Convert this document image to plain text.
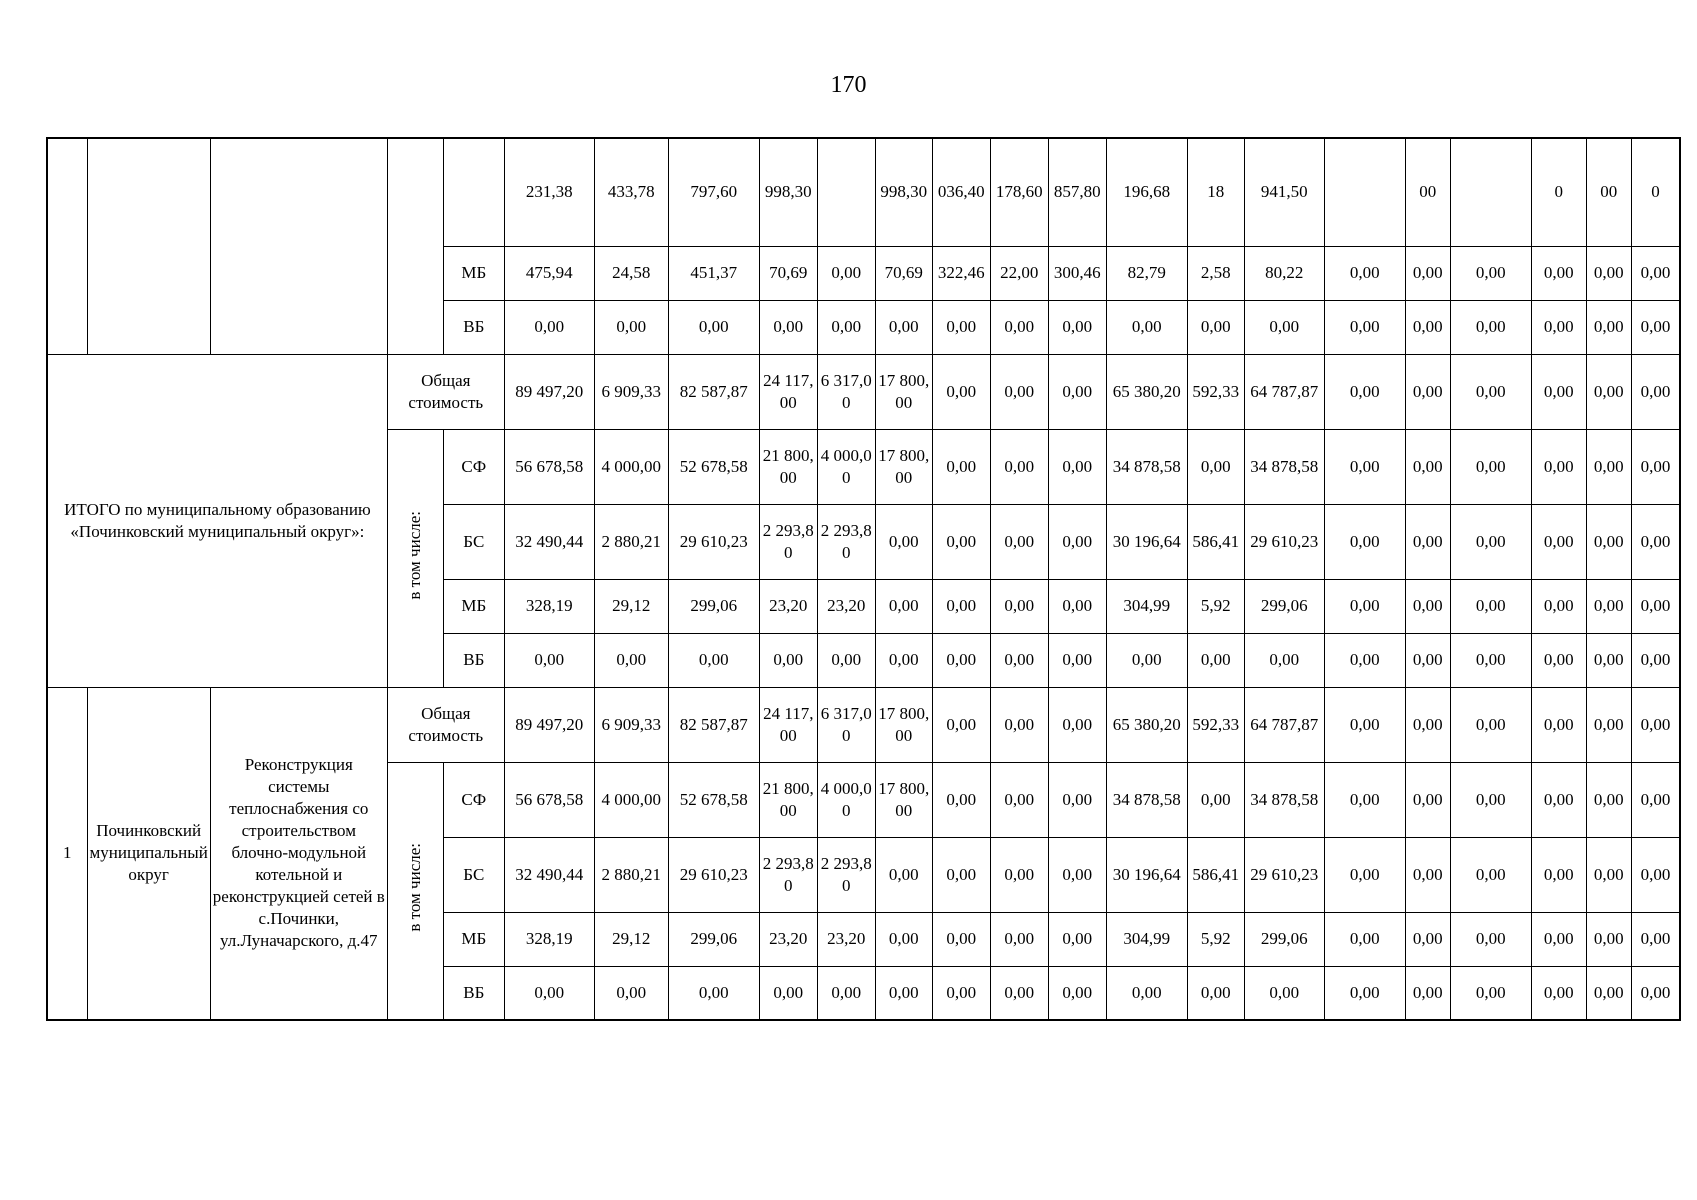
170
					231,38	433,78	797,60	998,30		998,30	036,40	178,60	857,80	196,68	18	941,50		00		0	00	0
				МБ	475,94	24,58	451,37	70,69	0,00	70,69	322,46	22,00	300,46	82,79	2,58	80,22	0,00	0,00	0,00	0,00	0,00	0,00
				ВБ	0,00	0,00	0,00	0,00	0,00	0,00	0,00	0,00	0,00	0,00	0,00	0,00	0,00	0,00	0,00	0,00	0,00	0,00
ИТОГО по муниципальному образованию «Починковский муниципальный округ»:			Общая стоимость		89 497,20	6 909,33	82 587,87	24 117,00	6 317,00	17 800,00	0,00	0,00	0,00	65 380,20	592,33	64 787,87	0,00	0,00	0,00	0,00	0,00	0,00
			в том числе:	СФ	56 678,58	4 000,00	52 678,58	21 800,00	4 000,00	17 800,00	0,00	0,00	0,00	34 878,58	0,00	34 878,58	0,00	0,00	0,00	0,00	0,00	0,00
				БС	32 490,44	2 880,21	29 610,23	2 293,80	2 293,80	0,00	0,00	0,00	0,00	30 196,64	586,41	29 610,23	0,00	0,00	0,00	0,00	0,00	0,00
				МБ	328,19	29,12	299,06	23,20	23,20	0,00	0,00	0,00	0,00	304,99	5,92	299,06	0,00	0,00	0,00	0,00	0,00	0,00
				ВБ	0,00	0,00	0,00	0,00	0,00	0,00	0,00	0,00	0,00	0,00	0,00	0,00	0,00	0,00	0,00	0,00	0,00	0,00
1	Починковский муниципальный округ	Реконструкция системы теплоснабжения со строительством блочно-модульной котельной и реконструкцией сетей в с.Починки, ул.Луначарского, д.47	Общая стоимость		89 497,20	6 909,33	82 587,87	24 117,00	6 317,00	17 800,00	0,00	0,00	0,00	65 380,20	592,33	64 787,87	0,00	0,00	0,00	0,00	0,00	0,00
			в том числе:	СФ	56 678,58	4 000,00	52 678,58	21 800,00	4 000,00	17 800,00	0,00	0,00	0,00	34 878,58	0,00	34 878,58	0,00	0,00	0,00	0,00	0,00	0,00
				БС	32 490,44	2 880,21	29 610,23	2 293,80	2 293,80	0,00	0,00	0,00	0,00	30 196,64	586,41	29 610,23	0,00	0,00	0,00	0,00	0,00	0,00
				МБ	328,19	29,12	299,06	23,20	23,20	0,00	0,00	0,00	0,00	304,99	5,92	299,06	0,00	0,00	0,00	0,00	0,00	0,00
				ВБ	0,00	0,00	0,00	0,00	0,00	0,00	0,00	0,00	0,00	0,00	0,00	0,00	0,00	0,00	0,00	0,00	0,00	0,00
